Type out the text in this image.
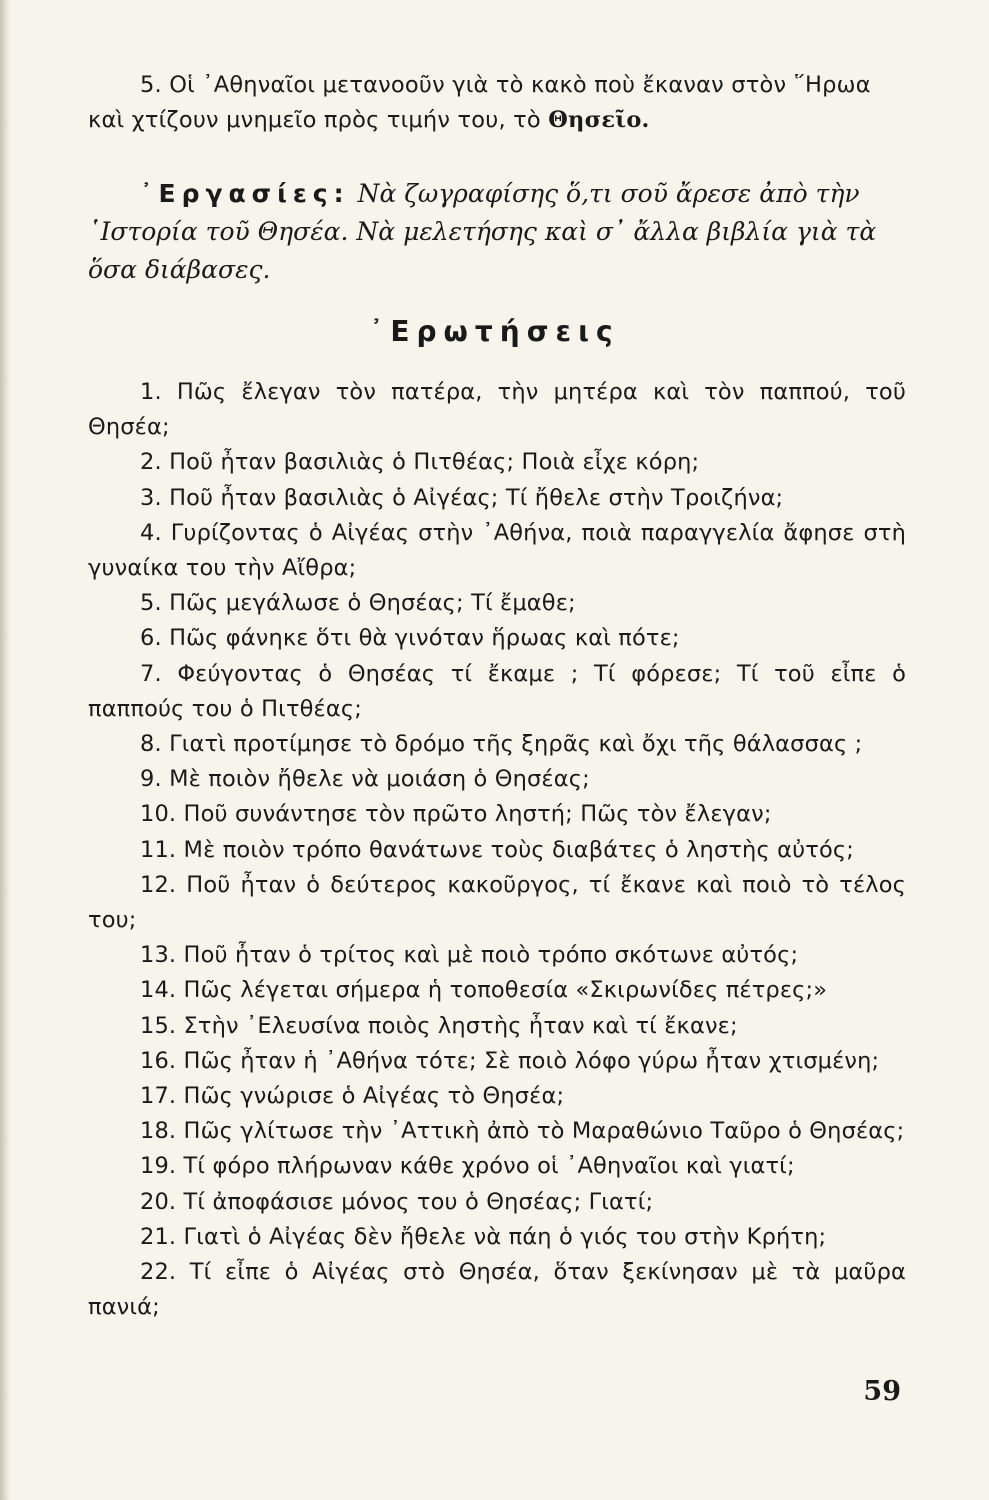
5. Οἱ ᾿Αθηναῖοι μετανοοῦν γιὰ τὸ κακὸ ποὺ ἔκαναν στὸν ῞Ηρωα καὶ χτίζουν μνημεῖο πρὸς τιμήν του, τὸ Θησεῖο.

᾿Εργασίες: Νὰ ζωγραφίσης ὅ,τι σοῦ ἄρεσε ἀπὸ τὴν ῾Ιστορία τοῦ Θησέα. Νὰ μελετήσης καὶ σ᾿ ἄλλα βιβλία γιὰ τὰ ὅσα διάβασες.

᾿Ερωτήσεις

1. Πῶς ἔλεγαν τὸν πατέρα, τὴν μητέρα καὶ τὸν παππού, τοῦ Θησέα;

2. Ποῦ ἦταν βασιλιὰς ὁ Πιτθέας; Ποιὰ εἶχε κόρη;

3. Ποῦ ἦταν βασιλιὰς ὁ Αἰγέας; Τί ἤθελε στὴν Τροιζήνα;

4. Γυρίζοντας ὁ Αἰγέας στὴν ᾿Αθήνα, ποιὰ παραγγελία ἄφησε στὴ γυναίκα του τὴν Αἴθρα;

5. Πῶς μεγάλωσε ὁ Θησέας; Τί ἔμαθε;

6. Πῶς φάνηκε ὅτι θὰ γινόταν ἥρωας καὶ πότε;

7. Φεύγοντας ὁ Θησέας τί ἔκαμε ; Τί φόρεσε; Τί τοῦ εἶπε ὁ παππούς του ὁ Πιτθέας;

8. Γιατὶ προτίμησε τὸ δρόμο τῆς ξηρᾶς καὶ ὄχι τῆς θάλασσας ;

9. Μὲ ποιὸν ἤθελε νὰ μοιάση ὁ Θησέας;

10. Ποῦ συνάντησε τὸν πρῶτο ληστή; Πῶς τὸν ἔλεγαν;

11. Μὲ ποιὸν τρόπο θανάτωνε τοὺς διαβάτες ὁ ληστὴς αὐτός;

12. Ποῦ ἦταν ὁ δεύτερος κακοῦργος, τί ἔκανε καὶ ποιὸ τὸ τέλος του;

13. Ποῦ ἦταν ὁ τρίτος καὶ μὲ ποιὸ τρόπο σκότωνε αὐτός;

14. Πῶς λέγεται σήμερα ἡ τοποθεσία «Σκιρωνίδες πέτρες;»

15. Στὴν ᾿Ελευσίνα ποιὸς ληστὴς ἦταν καὶ τί ἔκανε;

16. Πῶς ἦταν ἡ ᾿Αθήνα τότε; Σὲ ποιὸ λόφο γύρω ἦταν χτισμένη;

17. Πῶς γνώρισε ὁ Αἰγέας τὸ Θησέα;

18. Πῶς γλίτωσε τὴν ᾿Αττικὴ ἀπὸ τὸ Μαραθώνιο Ταῦρο ὁ Θησέας;

19. Τί φόρο πλήρωναν κάθε χρόνο οἱ ᾿Αθηναῖοι καὶ γιατί;

20. Τί ἀποφάσισε μόνος του ὁ Θησέας; Γιατί;

21. Γιατὶ ὁ Αἰγέας δὲν ἤθελε νὰ πάη ὁ γιός του στὴν Κρήτη;

22. Τί εἶπε ὁ Αἰγέας στὸ Θησέα, ὅταν ξεκίνησαν μὲ τὰ μαῦρα πανιά;

59
